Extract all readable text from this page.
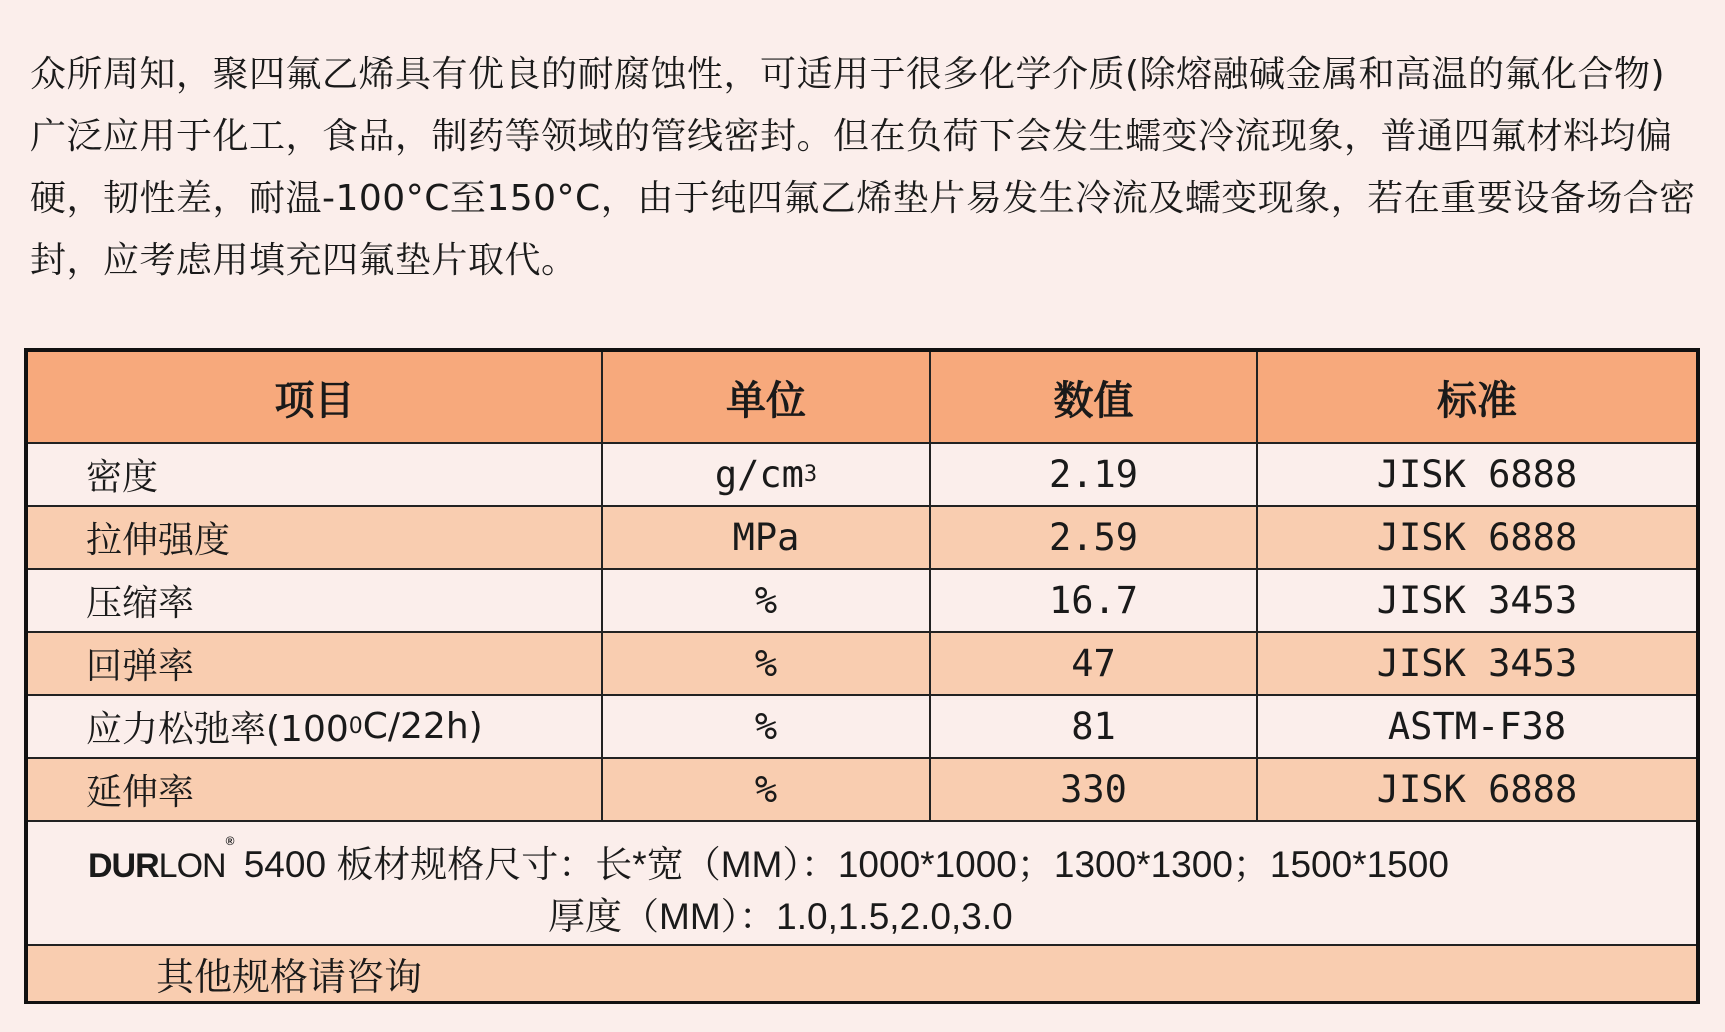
众所周知，聚四氟乙烯具有优良的耐腐蚀性，可适用于很多化学介质(除熔融碱金属和高温的氟化合物)广泛应用于化工，食品，制药等领域的管线密封。但在负荷下会发生蠕变冷流现象，普通四氟材料均偏硬，韧性差，耐温-100°C至150°C，由于纯四氟乙烯垫片易发生冷流及蠕变现象，若在重要设备场合密封，应考虑用填充四氟垫片取代。

项目	单位	数值	标准
密度	g/cm 3	2.19	JISK 6888
拉伸强度	MPa	2.59	JISK 6888
压缩率	%	16.7	JISK 3453
回弹率	%	47	JISK 3453
应力松弛率(100 0 C/22h)	%	81	ASTM-F38
延伸率	%	330	JISK 6888
DURLON® 5400 板材规格尺寸：长*宽（MM）：1000*1000；1300*1300；1500*1500
厚度（MM）：1.0,1.5,2.0,3.0
其他规格请咨询
